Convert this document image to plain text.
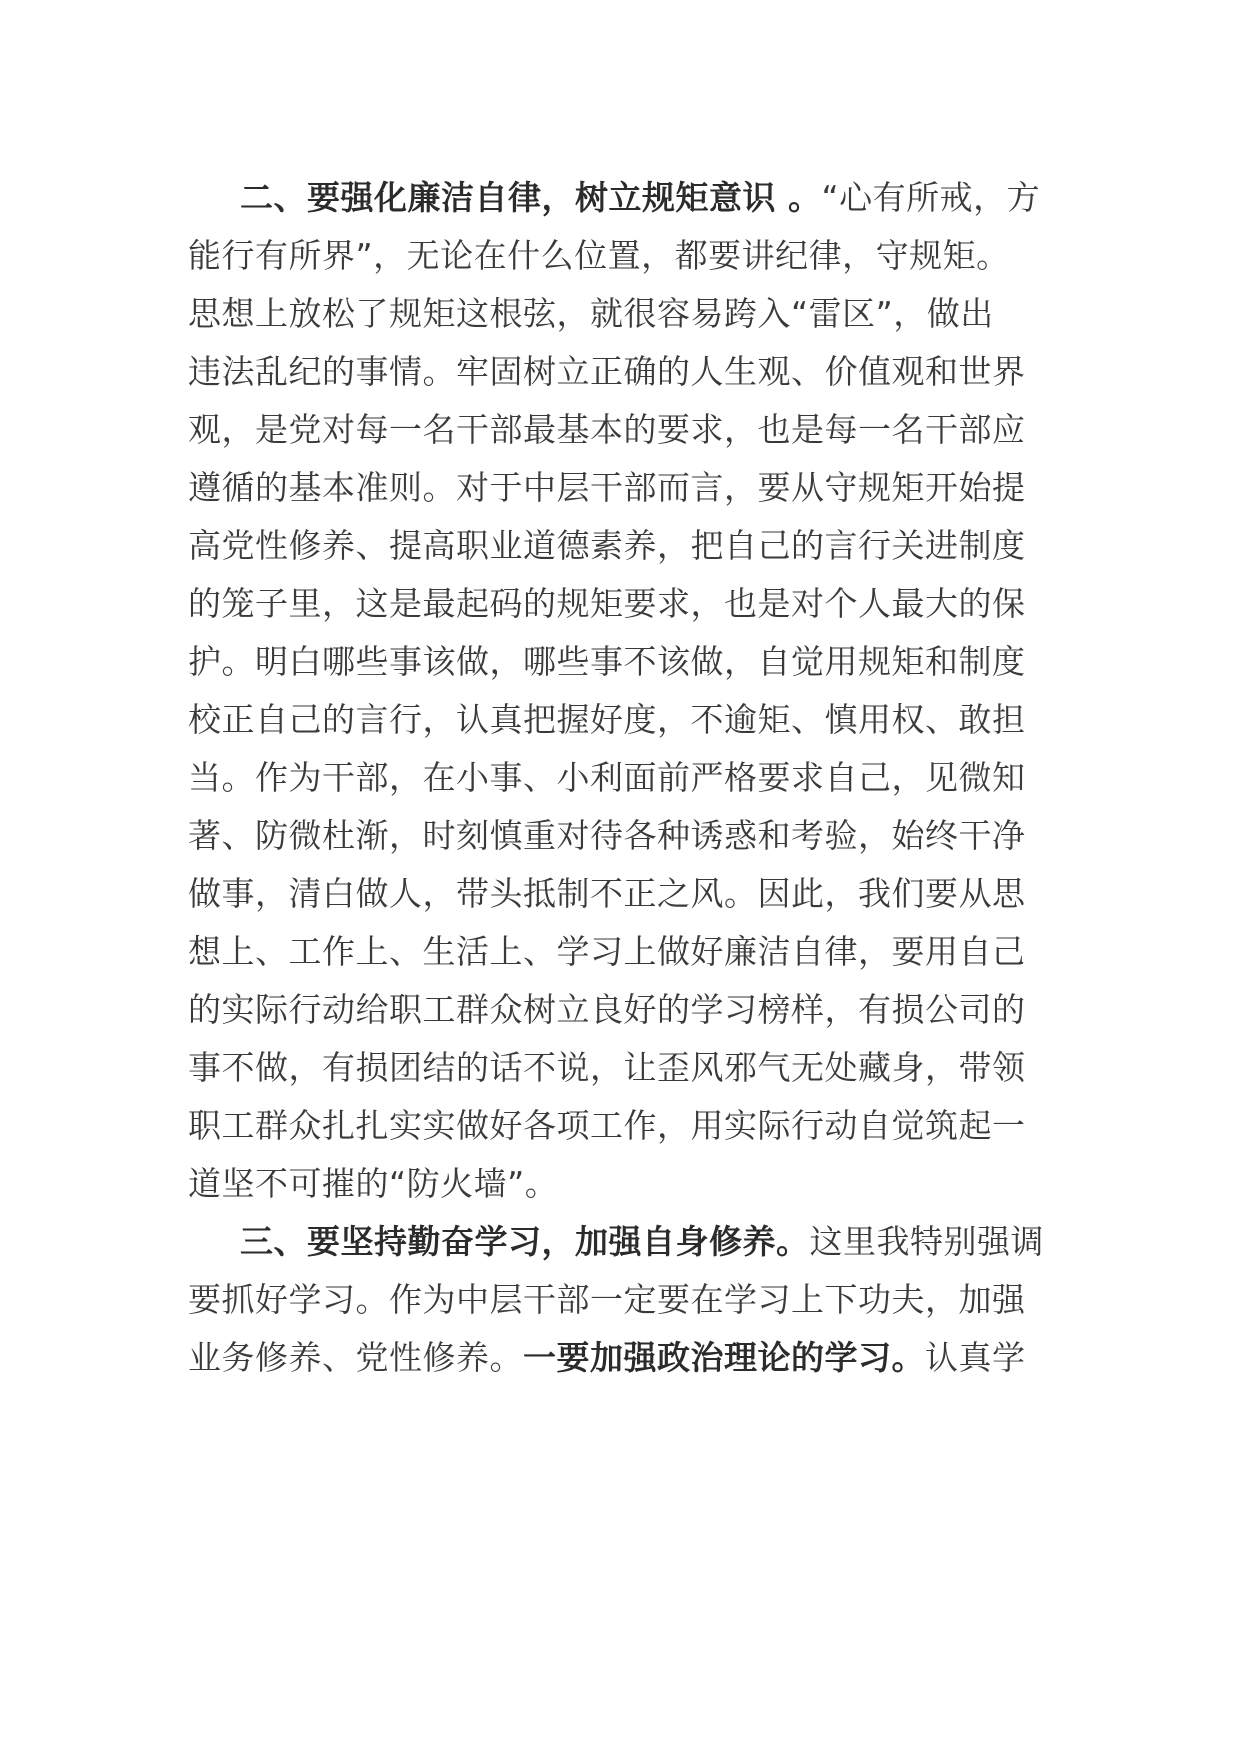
二、要强化廉洁自律，树立规矩意识 。“心有所戒，方
能行有所界”，无论在什么位置，都要讲纪律，守规矩。
思想上放松了规矩这根弦，就很容易跨入“雷区”，做出
违法乱纪的事情。牢固树立正确的人生观、价值观和世界
观，是党对每一名干部最基本的要求，也是每一名干部应
遵循的基本准则。对于中层干部而言，要从守规矩开始提
高党性修养、提高职业道德素养，把自己的言行关进制度
的笼子里，这是最起码的规矩要求，也是对个人最大的保
护。明白哪些事该做，哪些事不该做，自觉用规矩和制度
校正自己的言行，认真把握好度，不逾矩、慎用权、敢担
当。作为干部，在小事、小利面前严格要求自己，见微知
著、防微杜渐，时刻慎重对待各种诱惑和考验，始终干净
做事，清白做人，带头抵制不正之风。因此，我们要从思
想上、工作上、生活上、学习上做好廉洁自律，要用自己
的实际行动给职工群众树立良好的学习榜样，有损公司的
事不做，有损团结的话不说，让歪风邪气无处藏身，带领
职工群众扎扎实实做好各项工作，用实际行动自觉筑起一
道坚不可摧的“防火墙”。
三、要坚持勤奋学习，加强自身修养。这里我特别强调
要抓好学习。作为中层干部一定要在学习上下功夫，加强
业务修养、党性修养。一要加强政治理论的学习。认真学
